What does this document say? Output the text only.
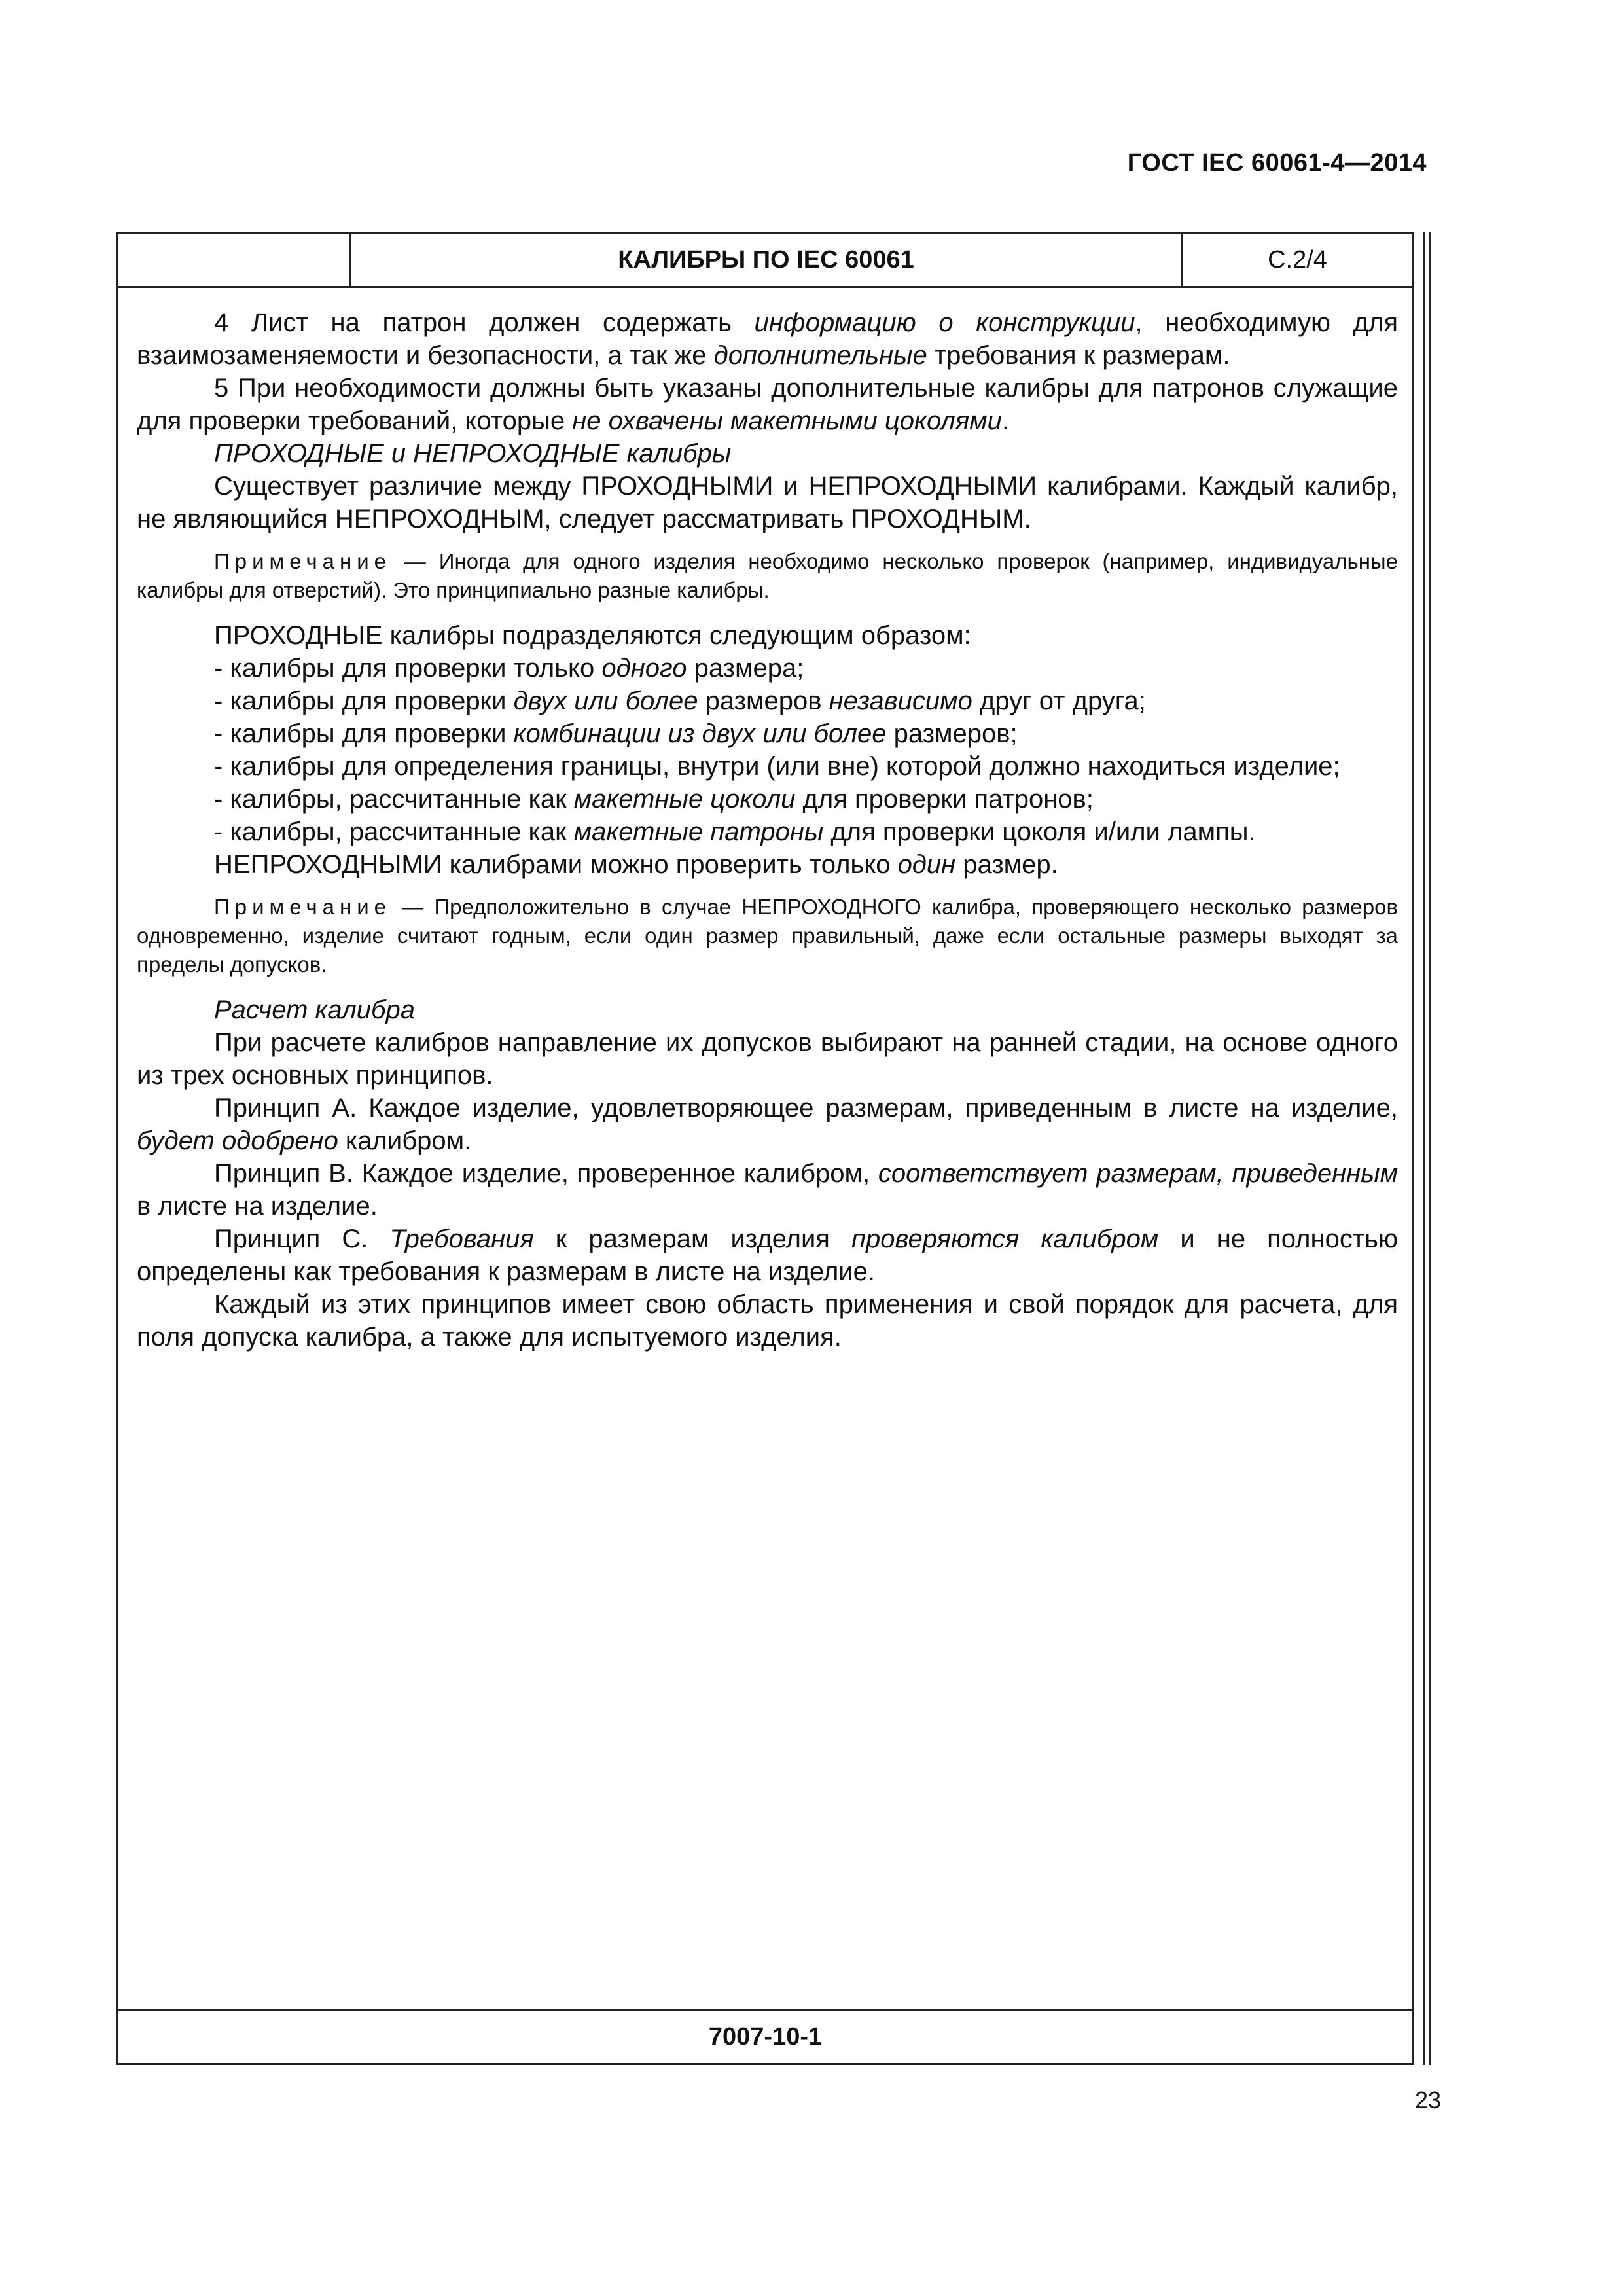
ГОСТ IEC 60061-4—2014
КАЛИБРЫ ПО IEC 60061	С.2/4

4 Лист на патрон должен содержать информацию о конструкции, необходимую для взаимозаменяемости и безопасности, а так же дополнительные требования к размерам.

5 При необходимости должны быть указаны дополнительные калибры для патронов служащие для проверки требований, которые не охвачены макетными цоколями.

ПРОХОДНЫЕ и НЕПРОХОДНЫЕ калибры

Существует различие между ПРОХОДНЫМИ и НЕПРОХОДНЫМИ калибрами. Каждый калибр, не являющийся НЕПРОХОДНЫМ, следует рассматривать ПРОХОДНЫМ.

Примечание — Иногда для одного изделия необходимо несколько проверок (например, индивидуальные калибры для отверстий). Это принципиально разные калибры.

ПРОХОДНЫЕ калибры подразделяются следующим образом:

- калибры для проверки только одного размера;

- калибры для проверки двух или более размеров независимо друг от друга;

- калибры для проверки комбинации из двух или более размеров;

- калибры для определения границы, внутри (или вне) которой должно находиться изделие;

- калибры, рассчитанные как макетные цоколи для проверки патронов;

- калибры, рассчитанные как макетные патроны для проверки цоколя и/или лампы.

НЕПРОХОДНЫМИ калибрами можно проверить только один размер.

Примечание — Предположительно в случае НЕПРОХОДНОГО калибра, проверяющего несколько размеров одновременно, изделие считают годным, если один размер правильный, даже если остальные размеры выходят за пределы допусков.

Расчет калибра

При расчете калибров направление их допусков выбирают на ранней стадии, на основе одного из трех основных принципов.

Принцип А. Каждое изделие, удовлетворяющее размерам, приведенным в листе на изделие, будет одобрено калибром.

Принцип В. Каждое изделие, проверенное калибром, соответствует размерам, приведенным в листе на изделие.

Принцип С. Требования к размерам изделия проверяются калибром и не полностью определены как требования к размерам в листе на изделие.

Каждый из этих принципов имеет свою область применения и свой порядок для расчета, для поля допуска калибра, а также для испытуемого изделия.

7007-10-1
23
